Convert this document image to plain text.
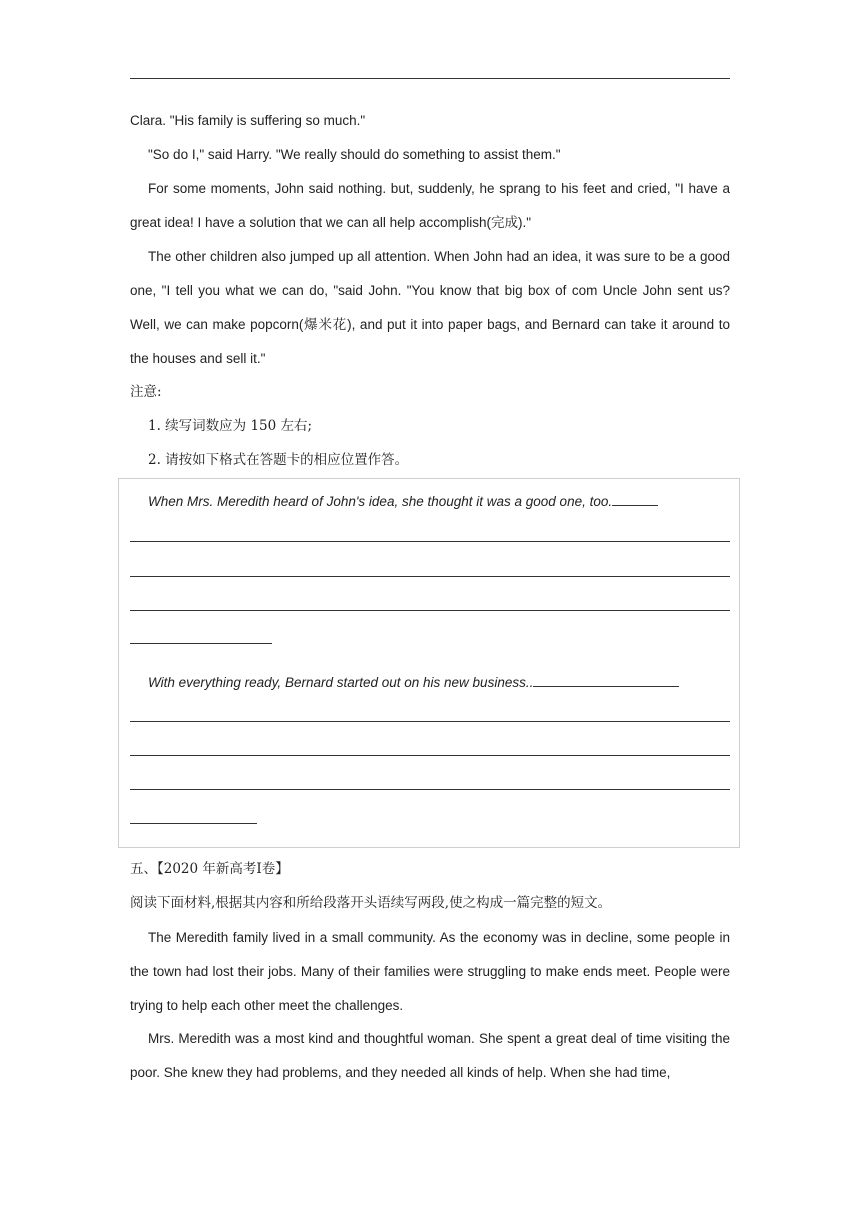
Clara. "His family is suffering so much."

"So do I," said Harry. "We really should do something to assist them."

For some moments, John said nothing. but, suddenly, he sprang to his feet and cried, "I have a great idea! I have a solution that we can all help accomplish(完成)."

The other children also jumped up all attention. When John had an idea, it was sure to be a good one, "I tell you what we can do, "said John. "You know that big box of com Uncle John sent us? Well, we can make popcorn(爆米花), and put it into paper bags, and Bernard can take it around to the houses and sell it."

注意:

1. 续写词数应为 150 左右;

2. 请按如下格式在答题卡的相应位置作答。

When Mrs. Meredith heard of John's idea, she thought it was a good one, too.
With everything ready, Bernard started out on his new business..

五、【2020 年新高考Ⅰ卷】

阅读下面材料,根据其内容和所给段落开头语续写两段,使之构成一篇完整的短文。

The Meredith family lived in a small community. As the economy was in decline, some people in the town had lost their jobs. Many of their families were struggling to make ends meet. People were trying to help each other meet the challenges.

Mrs. Meredith was a most kind and thoughtful woman. She spent a great deal of time visiting the poor. She knew they had problems, and they needed all kinds of help. When she had time,
